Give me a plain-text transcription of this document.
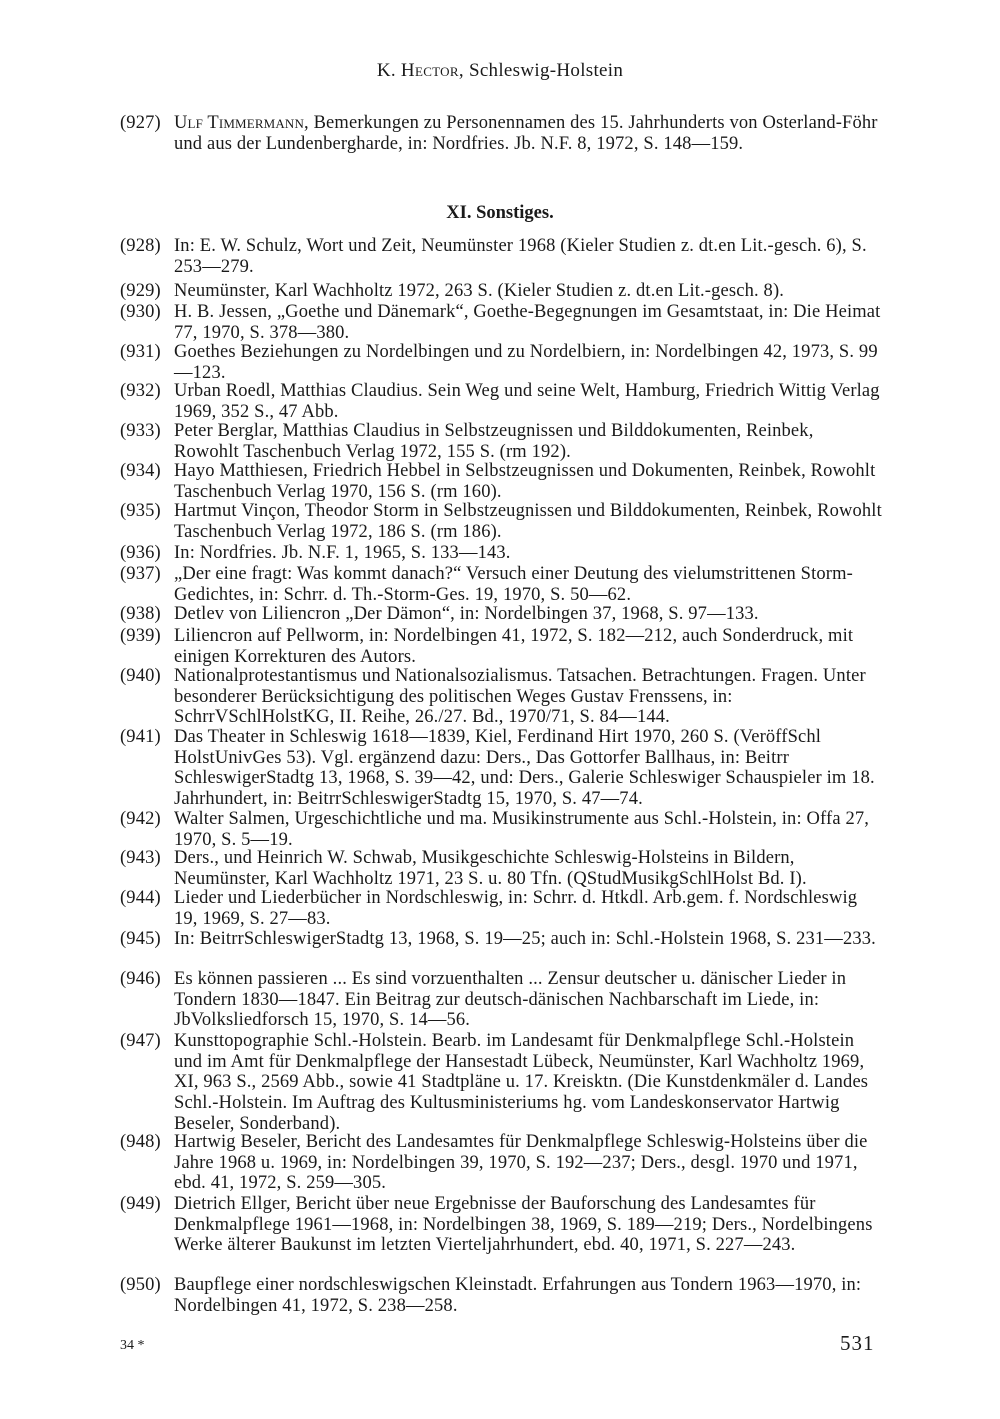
K. Hector, Schleswig-Holstein
(927) Ulf Timmermann, Bemerkungen zu Personennamen des 15. Jahrhunderts von Osterland-Föhr und aus der Lundenbergharde, in: Nordfries. Jb. N.F. 8, 1972, S. 148—159.
XI. Sonstiges.
(928) In: E. W. Schulz, Wort und Zeit, Neumünster 1968 (Kieler Studien z. dt.en Lit.-gesch. 6), S. 253—279.
(929) Neumünster, Karl Wachholtz 1972, 263 S. (Kieler Studien z. dt.en Lit.-gesch. 8).
(930) H. B. Jessen, „Goethe und Dänemark“, Goethe-Begegnungen im Gesamtstaat, in: Die Heimat 77, 1970, S. 378—380.
(931) Goethes Beziehungen zu Nordelbingen und zu Nordelbiern, in: Nordelbingen 42, 1973, S. 99—123.
(932) Urban Roedl, Matthias Claudius. Sein Weg und seine Welt, Hamburg, Friedrich Wittig Verlag 1969, 352 S., 47 Abb.
(933) Peter Berglar, Matthias Claudius in Selbstzeugnissen und Bilddokumenten, Reinbek, Rowohlt Taschenbuch Verlag 1972, 155 S. (rm 192).
(934) Hayo Matthiesen, Friedrich Hebbel in Selbstzeugnissen und Dokumenten, Reinbek, Rowohlt Taschenbuch Verlag 1970, 156 S. (rm 160).
(935) Hartmut Vinçon, Theodor Storm in Selbstzeugnissen und Bilddokumenten, Reinbek, Rowohlt Taschenbuch Verlag 1972, 186 S. (rm 186).
(936) In: Nordfries. Jb. N.F. 1, 1965, S. 133—143.
(937) „Der eine fragt: Was kommt danach?“ Versuch einer Deutung des vielumstrittenen Storm-Gedichtes, in: Schrr. d. Th.-Storm-Ges. 19, 1970, S. 50—62.
(938) Detlev von Liliencron „Der Dämon“, in: Nordelbingen 37, 1968, S. 97—133.
(939) Liliencron auf Pellworm, in: Nordelbingen 41, 1972, S. 182—212, auch Sonderdruck, mit einigen Korrekturen des Autors.
(940) Nationalprotestantismus und Nationalsozialismus. Tatsachen. Betrachtungen. Fragen. Unter besonderer Berücksichtigung des politischen Weges Gustav Frenssens, in: SchrrVSchlHolstKG, II. Reihe, 26./27. Bd., 1970/71, S. 84—144.
(941) Das Theater in Schleswig 1618—1839, Kiel, Ferdinand Hirt 1970, 260 S. (VeröffSchl HolstUnivGes 53). Vgl. ergänzend dazu: Ders., Das Gottorfer Ballhaus, in: Beitrr SchleswigerStadtg 13, 1968, S. 39—42, und: Ders., Galerie Schleswiger Schauspieler im 18. Jahrhundert, in: BeitrrSchleswigerStadtg 15, 1970, S. 47—74.
(942) Walter Salmen, Urgeschichtliche und ma. Musikinstrumente aus Schl.-Holstein, in: Offa 27, 1970, S. 5—19.
(943) Ders., und Heinrich W. Schwab, Musikgeschichte Schleswig-Holsteins in Bildern, Neumünster, Karl Wachholtz 1971, 23 S. u. 80 Tfn. (QStudMusikgSchlHolst Bd. I).
(944) Lieder und Liederbücher in Nordschleswig, in: Schrr. d. Htkdl. Arb.gem. f. Nordschleswig 19, 1969, S. 27—83.
(945) In: BeitrrSchleswigerStadtg 13, 1968, S. 19—25; auch in: Schl.-Holstein 1968, S. 231—233.
(946) Es können passieren ... Es sind vorzuenthalten ... Zensur deutscher u. dänischer Lieder in Tondern 1830—1847. Ein Beitrag zur deutsch-dänischen Nachbarschaft im Liede, in: JbVolksliedforsch 15, 1970, S. 14—56.
(947) Kunsttopographie Schl.-Holstein. Bearb. im Landesamt für Denkmalpflege Schl.-Holstein und im Amt für Denkmalpflege der Hansestadt Lübeck, Neumünster, Karl Wachholtz 1969, XI, 963 S., 2569 Abb., sowie 41 Stadtpläne u. 17. Kreisktn. (Die Kunstdenkmäler d. Landes Schl.-Holstein. Im Auftrag des Kultusministeriums hg. vom Landeskonservator Hartwig Beseler, Sonderband).
(948) Hartwig Beseler, Bericht des Landesamtes für Denkmalpflege Schleswig-Holsteins über die Jahre 1968 u. 1969, in: Nordelbingen 39, 1970, S. 192—237; Ders., desgl. 1970 und 1971, ebd. 41, 1972, S. 259—305.
(949) Dietrich Ellger, Bericht über neue Ergebnisse der Bauforschung des Landesamtes für Denkmalpflege 1961—1968, in: Nordelbingen 38, 1969, S. 189—219; Ders., Nordelbingens Werke älterer Baukunst im letzten Vierteljahrhundert, ebd. 40, 1971, S. 227—243.
(950) Baupflege einer nordschleswigschen Kleinstadt. Erfahrungen aus Tondern 1963—1970, in: Nordelbingen 41, 1972, S. 238—258.
34 *	531
